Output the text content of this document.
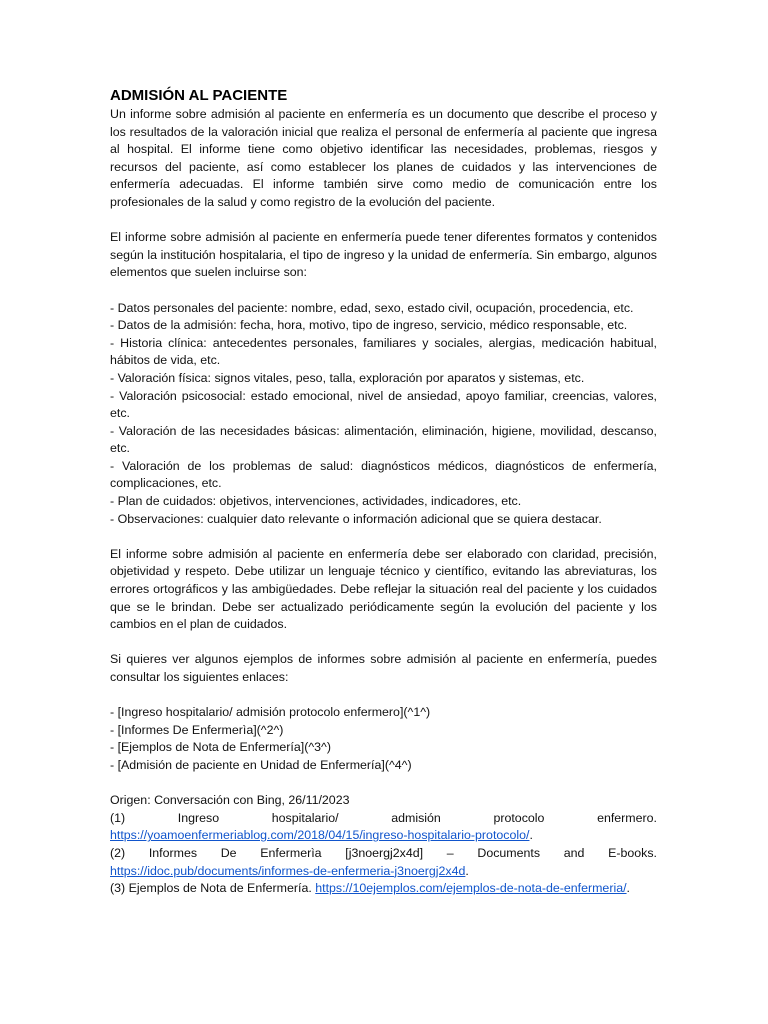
ADMISIÓN AL PACIENTE

Un informe sobre admisión al paciente en enfermería es un documento que describe el proceso y los resultados de la valoración inicial que realiza el personal de enfermería al paciente que ingresa al hospital. El informe tiene como objetivo identificar las necesidades, problemas, riesgos y recursos del paciente, así como establecer los planes de cuidados y las intervenciones de enfermería adecuadas. El informe también sirve como medio de comunicación entre los profesionales de la salud y como registro de la evolución del paciente.

El informe sobre admisión al paciente en enfermería puede tener diferentes formatos y contenidos según la institución hospitalaria, el tipo de ingreso y la unidad de enfermería. Sin embargo, algunos elementos que suelen incluirse son:

- Datos personales del paciente: nombre, edad, sexo, estado civil, ocupación, procedencia, etc.
- Datos de la admisión: fecha, hora, motivo, tipo de ingreso, servicio, médico responsable, etc.
- Historia clínica: antecedentes personales, familiares y sociales, alergias, medicación habitual, hábitos de vida, etc.
- Valoración física: signos vitales, peso, talla, exploración por aparatos y sistemas, etc.
- Valoración psicosocial: estado emocional, nivel de ansiedad, apoyo familiar, creencias, valores, etc.
- Valoración de las necesidades básicas: alimentación, eliminación, higiene, movilidad, descanso, etc.
- Valoración de los problemas de salud: diagnósticos médicos, diagnósticos de enfermería, complicaciones, etc.
- Plan de cuidados: objetivos, intervenciones, actividades, indicadores, etc.
- Observaciones: cualquier dato relevante o información adicional que se quiera destacar.

El informe sobre admisión al paciente en enfermería debe ser elaborado con claridad, precisión, objetividad y respeto. Debe utilizar un lenguaje técnico y científico, evitando las abreviaturas, los errores ortográficos y las ambigüedades. Debe reflejar la situación real del paciente y los cuidados que se le brindan. Debe ser actualizado periódicamente según la evolución del paciente y los cambios en el plan de cuidados.

Si quieres ver algunos ejemplos de informes sobre admisión al paciente en enfermería, puedes consultar los siguientes enlaces:

- [Ingreso hospitalario/ admisión protocolo enfermero](^1^)
- [Informes De Enfermerìa](^2^)
- [Ejemplos de Nota de Enfermería](^3^)
- [Admisión de paciente en Unidad de Enfermería](^4^)

Origen: Conversación con Bing, 26/11/2023

(1) Ingreso hospitalario/ admisión protocolo enfermero.

https://yoamoenfermeriablog.com/2018/04/15/ingreso-hospitalario-protocolo/.

(2) Informes De Enfermerìa [j3noergj2x4d] – Documents and E-books.

https://idoc.pub/documents/informes-de-enfermeria-j3noergj2x4d.

(3) Ejemplos de Nota de Enfermería. https://10ejemplos.com/ejemplos-de-nota-de-enfermeria/.
